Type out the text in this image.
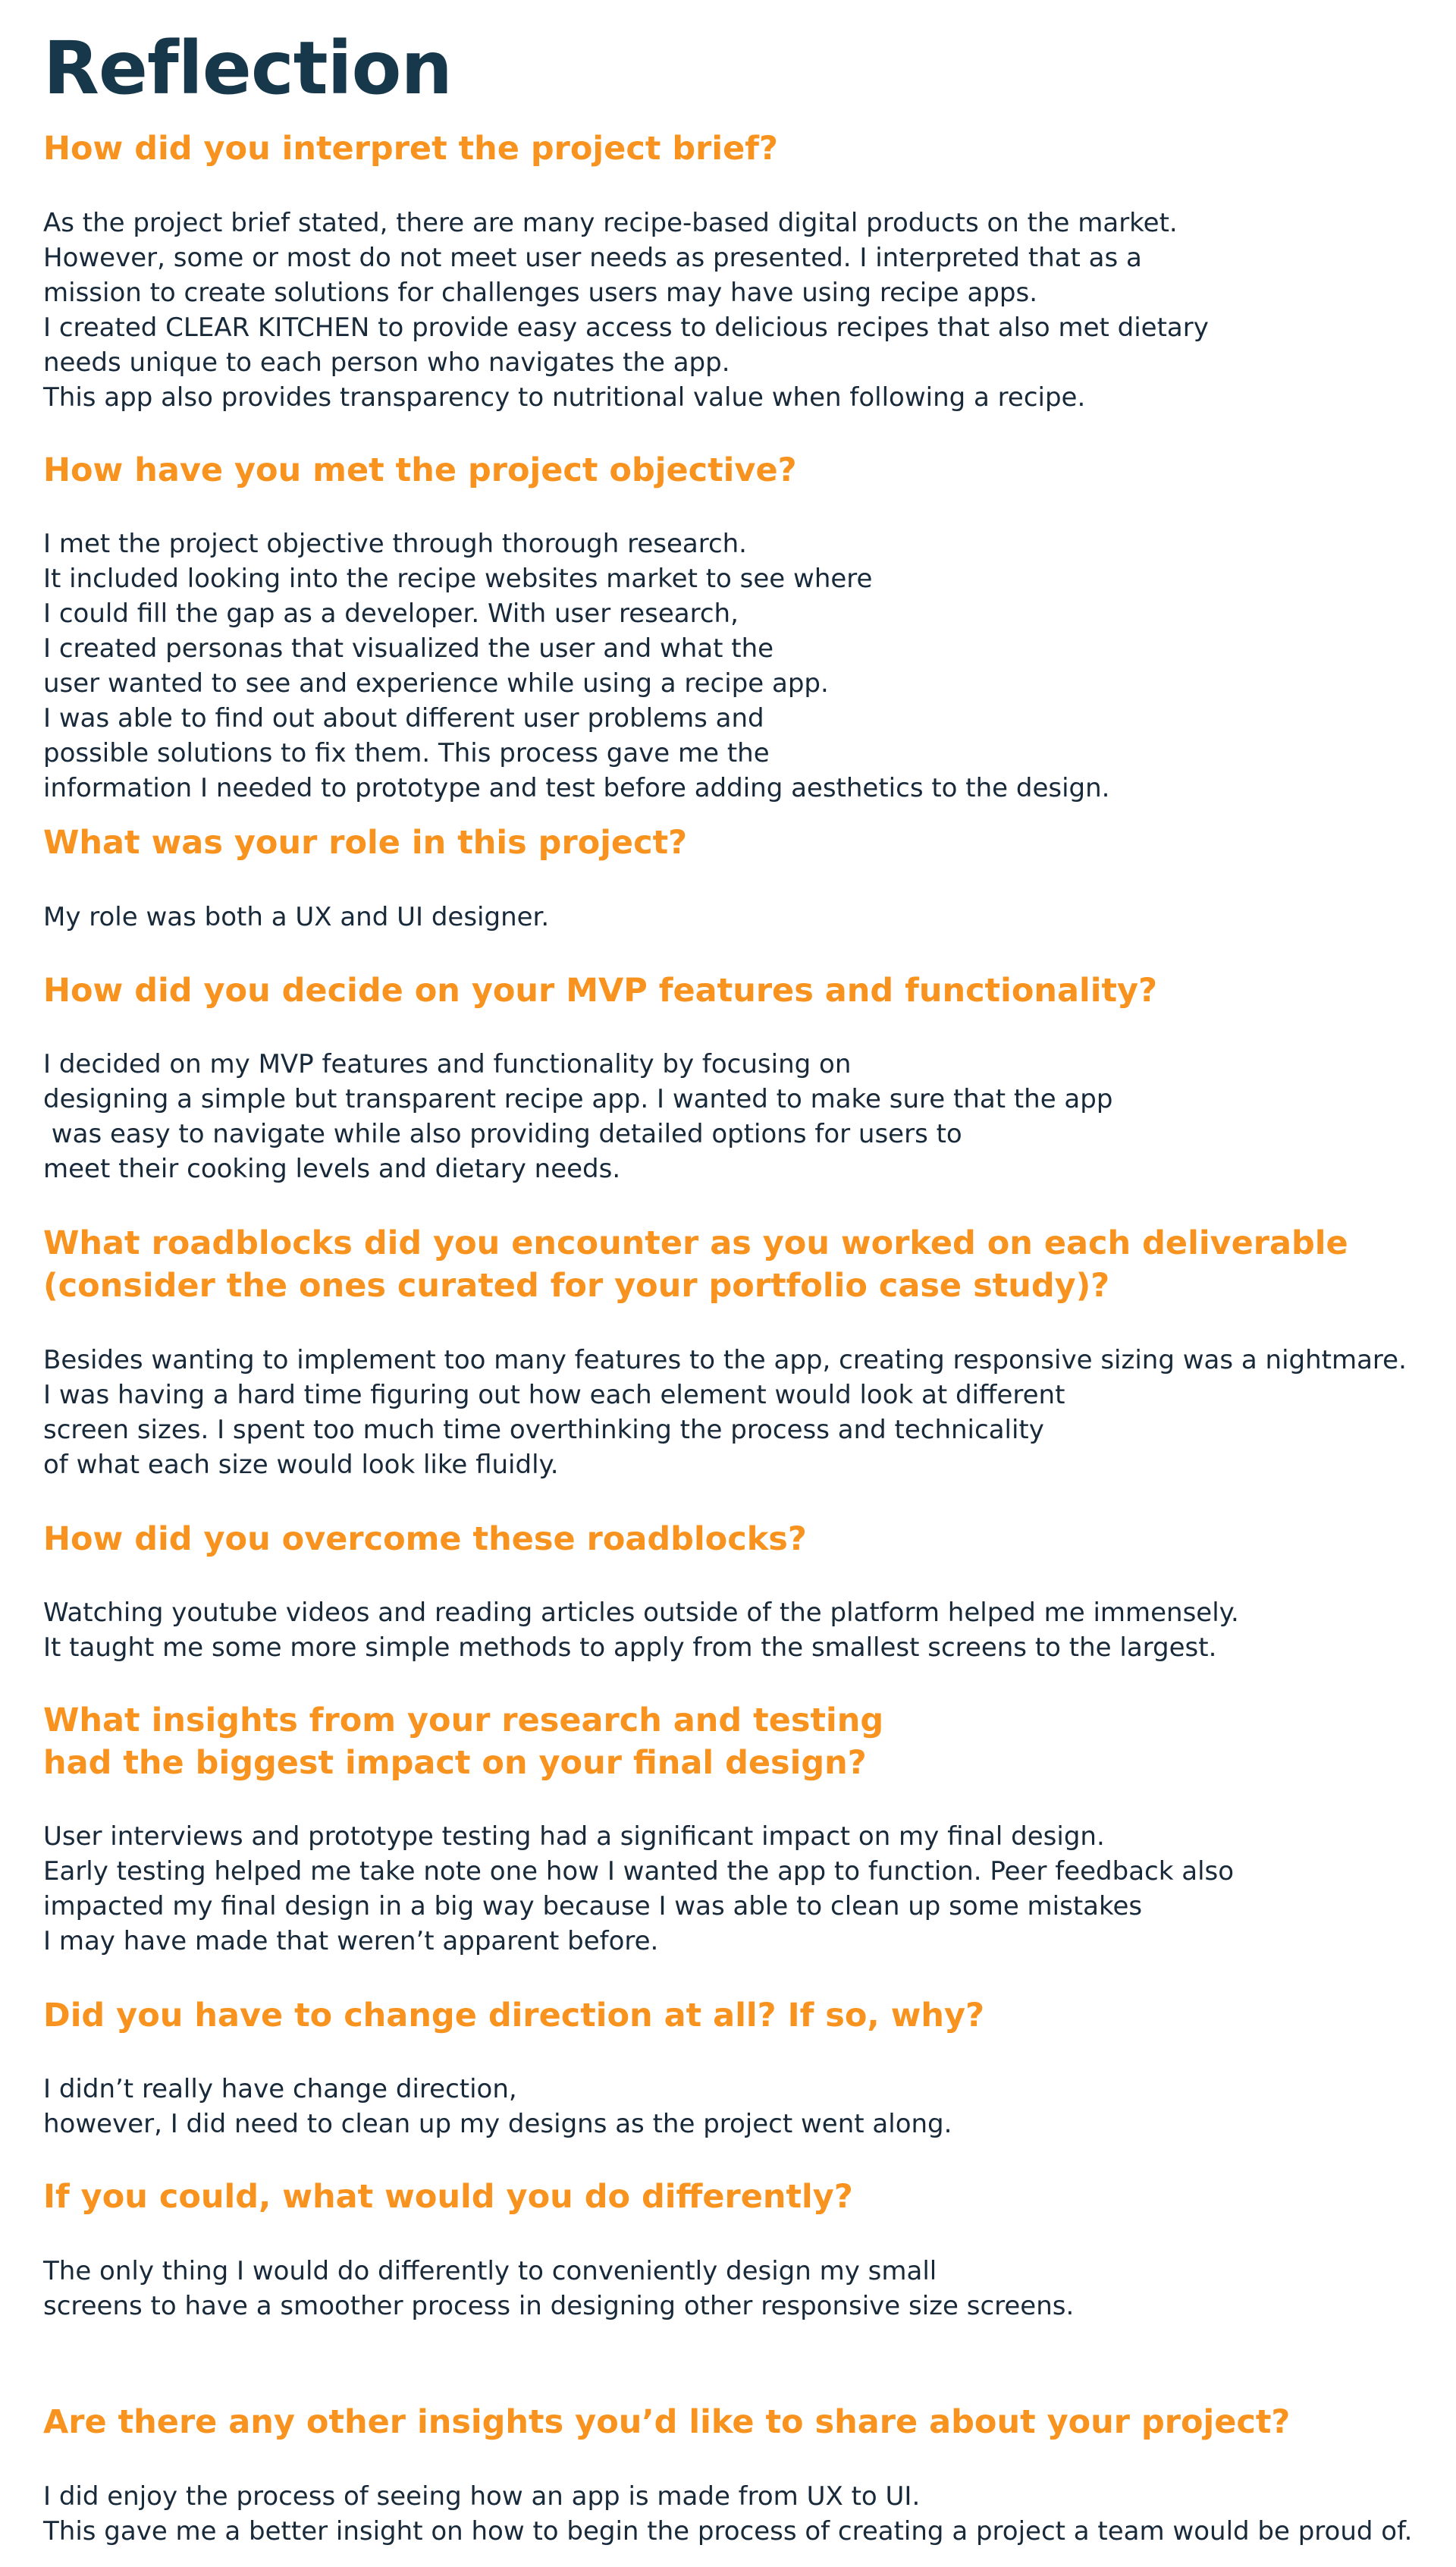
Reflection
How did you interpret the project brief?

As the project brief stated, there are many recipe-based digital products on the market.
However, some or most do not meet user needs as presented. I interpreted that as a
mission to create solutions for challenges users may have using recipe apps.
I created CLEAR KITCHEN to provide easy access to delicious recipes that also met dietary
needs unique to each person who navigates the app.
This app also provides transparency to nutritional value when following a recipe.

How have you met the project objective?

I met the project objective through thorough research.
It included looking into the recipe websites market to see where
I could fill the gap as a developer. With user research,
I created personas that visualized the user and what the
user wanted to see and experience while using a recipe app.
I was able to find out about different user problems and
possible solutions to fix them. This process gave me the
information I needed to prototype and test before adding aesthetics to the design.

What was your role in this project?

My role was both a UX and UI designer.

How did you decide on your MVP features and functionality?

I decided on my MVP features and functionality by focusing on
designing a simple but transparent recipe app. I wanted to make sure that the app
was easy to navigate while also providing detailed options for users to
meet their cooking levels and dietary needs.

What roadblocks did you encounter as you worked on each deliverable
(consider the ones curated for your portfolio case study)?

Besides wanting to implement too many features to the app, creating responsive sizing was a nightmare.
I was having a hard time figuring out how each element would look at different
screen sizes. I spent too much time overthinking the process and technicality
of what each size would look like fluidly.

How did you overcome these roadblocks?

Watching youtube videos and reading articles outside of the platform helped me immensely.
It taught me some more simple methods to apply from the smallest screens to the largest.

What insights from your research and testing
had the biggest impact on your final design?

User interviews and prototype testing had a significant impact on my final design.
Early testing helped me take note one how I wanted the app to function. Peer feedback also
impacted my final design in a big way because I was able to clean up some mistakes
I may have made that weren’t apparent before.

Did you have to change direction at all? If so, why?

I didn’t really have change direction,
however, I did need to clean up my designs as the project went along.

If you could, what would you do differently?

The only thing I would do differently to conveniently design my small
screens to have a smoother process in designing other responsive size screens.

Are there any other insights you’d like to share about your project?

I did enjoy the process of seeing how an app is made from UX to UI.
This gave me a better insight on how to begin the process of creating a project a team would be proud of.
